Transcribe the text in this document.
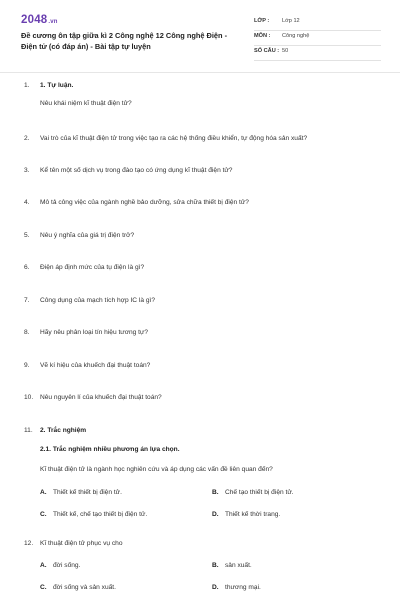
2048.vn
Đề cương ôn tập giữa kì 2 Công nghệ 12 Công nghệ Điện - Điện tử (có đáp án) - Bài tập tự luyện
LỚP : Lớp 12
MÔN : Công nghệ
SỐ CÂU : 50
1.	1. Tự luận.
Nêu khái niệm kĩ thuật điện tử?
2.	Vai trò của kĩ thuật điện tử trong việc tạo ra các hệ thống điều khiển, tự động hóa sản xuất?
3.	Kể tên một số dịch vụ trong đào tạo có ứng dụng kĩ thuật điện tử?
4.	Mô tả công việc của ngành nghề bảo dưỡng, sửa chữa thiết bị điện tử?
5.	Nêu ý nghĩa của giá trị điện trở?
6.	Điện áp định mức của tụ điện là gì?
7.	Công dụng của mạch tích hợp IC là gì?
8.	Hãy nêu phân loại tín hiệu tương tự?
9.	Vẽ kí hiệu của khuếch đại thuật toán?
10.	Nêu nguyên lí của khuếch đại thuật toán?
11.	2. Trắc nghiệm
2.1. Trắc nghiệm nhiều phương án lựa chọn.
Kĩ thuật điện tử là ngành học nghiên cứu và áp dụng các vấn đề liên quan đến?
A. Thiết kế thiết bị điện tử.	B. Chế tạo thiết bị điện tử.
C. Thiết kế, chế tạo thiết bị điện tử.	D. Thiết kế thời trang.
12.	Kĩ thuật điện tử phục vụ cho
A. đời sống.	B. sản xuất.
C. đời sống và sản xuất.	D. thương mại.
